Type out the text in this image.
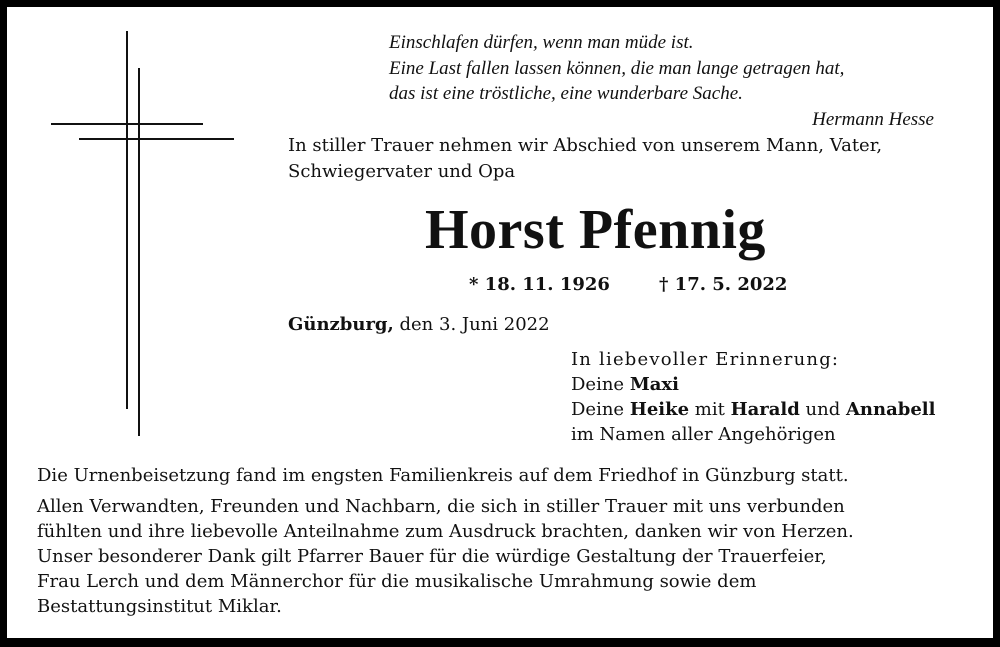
Einschlafen dürfen, wenn man müde ist.
Eine Last fallen lassen können, die man lange getragen hat,
das ist eine tröstliche, eine wunderbare Sache.
Hermann Hesse
In stiller Trauer nehmen wir Abschied von unserem Mann, Vater,
Schwiegervater und Opa
Horst Pfennig
* 18. 11. 1926	† 17. 5. 2022
Günzburg, den 3. Juni 2022
In liebevoller Erinnerung:
Deine Maxi
Deine Heike mit Harald und Annabell
im Namen aller Angehörigen
Die Urnenbeisetzung fand im engsten Familienkreis auf dem Friedhof in Günzburg statt.
Allen Verwandten, Freunden und Nachbarn, die sich in stiller Trauer mit uns verbunden
fühlten und ihre liebevolle Anteilnahme zum Ausdruck brachten, danken wir von Herzen.
Unser besonderer Dank gilt Pfarrer Bauer für die würdige Gestaltung der Trauerfeier,
Frau Lerch und dem Männerchor für die musikalische Umrahmung sowie dem
Bestattungsinstitut Miklar.
